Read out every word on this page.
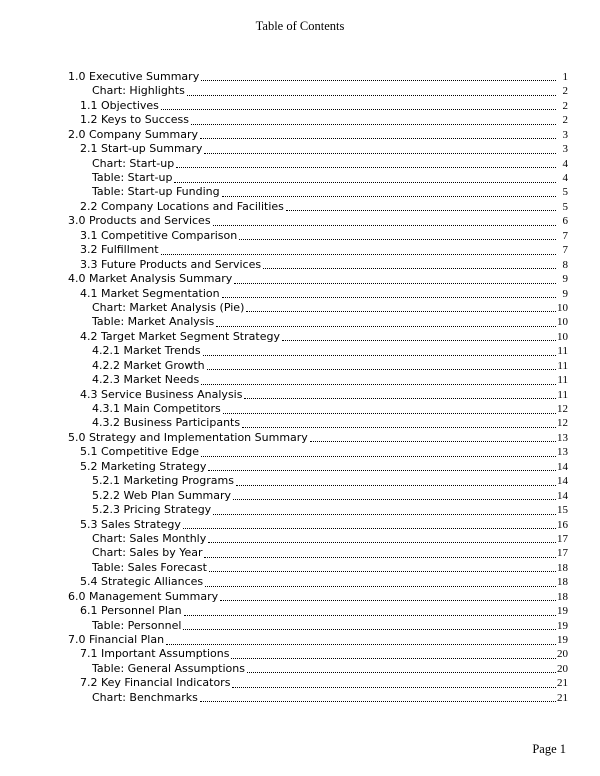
Table of Contents
1.0 Executive Summary	1
Chart: Highlights	2
1.1 Objectives	2
1.2 Keys to Success	2
2.0 Company Summary	3
2.1 Start-up Summary	3
Chart: Start-up	4
Table: Start-up	4
Table: Start-up Funding	5
2.2 Company Locations and Facilities	5
3.0 Products and Services	6
3.1 Competitive Comparison	7
3.2 Fulfillment	7
3.3 Future Products and Services	8
4.0 Market Analysis Summary	9
4.1 Market Segmentation	9
Chart: Market Analysis (Pie)	10
Table: Market Analysis	10
4.2 Target Market Segment Strategy	10
4.2.1 Market Trends	11
4.2.2 Market Growth	11
4.2.3 Market Needs	11
4.3 Service Business Analysis	11
4.3.1 Main Competitors	12
4.3.2 Business Participants	12
5.0 Strategy and Implementation Summary	13
5.1 Competitive Edge	13
5.2 Marketing Strategy	14
5.2.1 Marketing Programs	14
5.2.2 Web Plan Summary	14
5.2.3 Pricing Strategy	15
5.3 Sales Strategy	16
Chart: Sales Monthly	17
Chart: Sales by Year	17
Table: Sales Forecast	18
5.4 Strategic Alliances	18
6.0 Management Summary	18
6.1 Personnel Plan	19
Table: Personnel	19
7.0 Financial Plan	19
7.1 Important Assumptions	20
Table: General Assumptions	20
7.2 Key Financial Indicators	21
Chart: Benchmarks	21
Page 1
